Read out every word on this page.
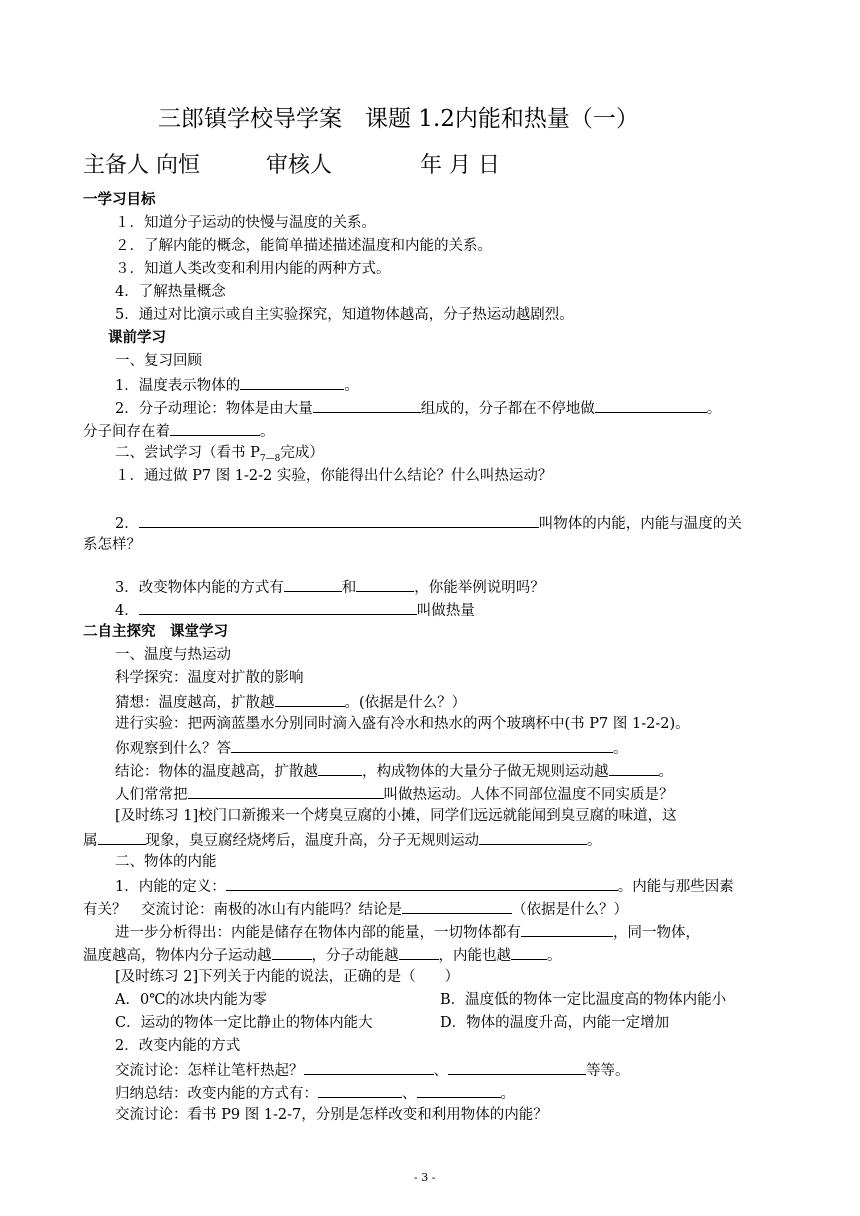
三郎镇学校导学案　课题 1.2内能和热量（一）
主备人 向恒　　　审核人　　　　年 月 日
一学习目标
１．知道分子运动的快慢与温度的关系。
２．了解内能的概念，能简单描述描述温度和内能的关系。
３．知道人类改变和利用内能的两种方式。
4．了解热量概念
5．通过对比演示或自主实验探究，知道物体越高，分子热运动越剧烈。
课前学习
一、复习回顾
1．温度表示物体的	。
2．分子动理论：物体是由大量	组成的，分子都在不停地做	。
分子间存在着	。
二、尝试学习（看书 $P_{7—8}$完成）
１．通过做 P7 图 1-2-2 实验，你能得出什么结论？什么叫热运动？
2．	叫物体的内能，内能与温度的关
系怎样？
3．改变物体内能的方式有	和	，你能举例说明吗？
4．	叫做热量
二自主探究　课堂学习
一、温度与热运动
科学探究：温度对扩散的影响
猜想：温度越高，扩散越	。(依据是什么？）
进行实验：把两滴蓝墨水分别同时滴入盛有冷水和热水的两个玻璃杯中(书 P7 图 1-2-2)。
你观察到什么？答	。
结论：物体的温度越高，扩散越	，构成物体的大量分子做无规则运动越	。
人们常常把	叫做热运动。人体不同部位温度不同实质是？
[及时练习 1]校门口新搬来一个烤臭豆腐的小摊，同学们远远就能闻到臭豆腐的味道，这
属	现象，臭豆腐经烧烤后，温度升高，分子无规则运动	。
二、物体的内能
1．内能的定义：	。内能与那些因素
有关？　交流讨论：南极的冰山有内能吗？结论是	（依据是什么？）
进一步分析得出：内能是储存在物体内部的能量，一切物体都有	，同一物体，
温度越高，物体内分子运动越	，分子动能越	，内能也越 。
[及时练习 2]下列关于内能的说法，正确的是（　　）
A．0℃的冰块内能为零	B．温度低的物体一定比温度高的物体内能小
C．运动的物体一定比静止的物体内能大	D．物体的温度升高，内能一定增加
2．改变内能的方式
交流讨论：怎样让笔杆热起？	、	等等。
归纳总结：改变内能的方式有：	、	。
交流讨论：看书 P9 图 1-2-7，分别是怎样改变和利用物体的内能？
- 3 -
